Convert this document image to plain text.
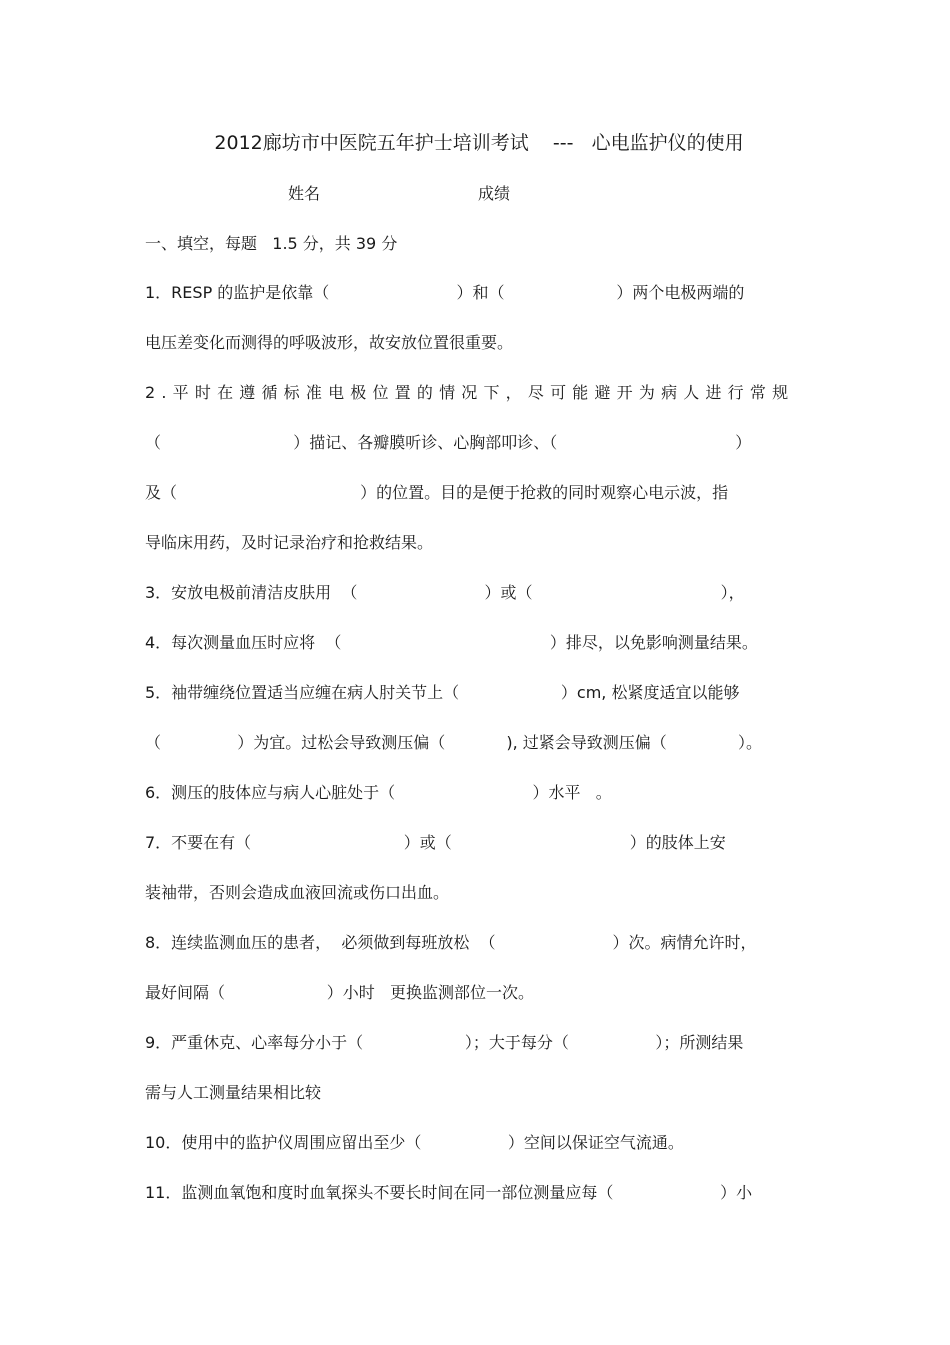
2012廊坊市中医院五年护士培训考试    ---   心电监护仪的使用
姓名	成绩
一、填空，每题   1.5 分，共 39 分
1．RESP 的监护是依靠（                         ）和（                      ）两个电极两端的
电压差变化而测得的呼吸波形，故安放位置很重要。
2.平时在遵循标准电极位置的情况下，尽可能避开为病人进行常规
（                          ）描记、各瓣膜听诊、心胸部叩诊、（                                   ）
及（                                    ）的位置。目的是便于抢救的同时观察心电示波，指
导临床用药，及时记录治疗和抢救结果。
3．安放电极前清洁皮肤用  （                         ）或（                                     ），
4．每次测量血压时应将  （                                         ）排尽，以免影响测量结果。
5．袖带缠绕位置适当应缠在病人肘关节上（                    ）cm, 松紧度适宜以能够
（               ）为宜。过松会导致测压偏（            ), 过紧会导致测压偏（              ）。
6．测压的肢体应与病人心脏处于（                           ）水平   。
7．不要在有（                              ）或（                                   ）的肢体上安
装袖带，否则会造成血液回流或伤口出血。
8．连续监测血压的患者，  必须做到每班放松  （                       ）次。病情允许时，
最好间隔（                    ）小时   更换监测部位一次。
9．严重休克、心率每分小于（                    ）；大于每分（                 ）；所测结果
需与人工测量结果相比较
10．使用中的监护仪周围应留出至少（                 ）空间以保证空气流通。
11．监测血氧饱和度时血氧探头不要长时间在同一部位测量应每（                     ）小
